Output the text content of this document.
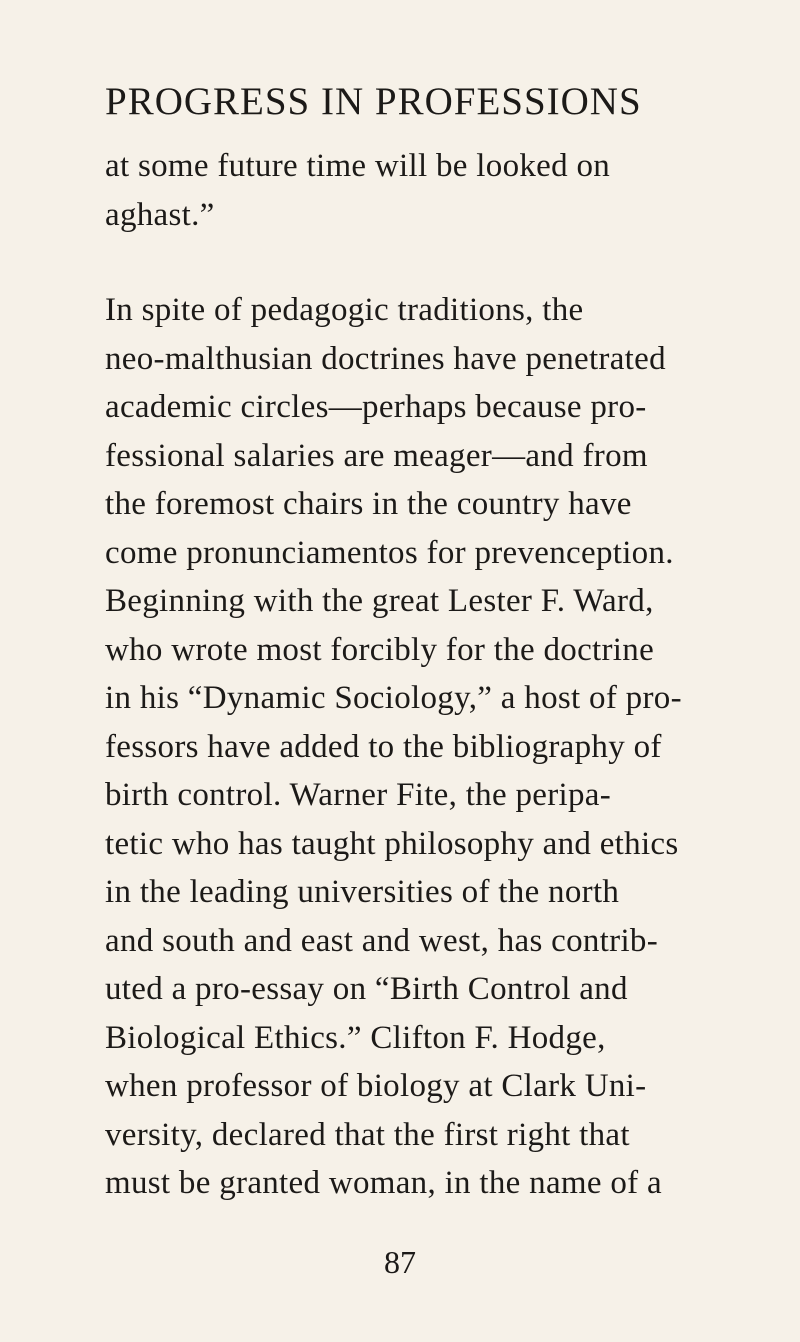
PROGRESS IN PROFESSIONS
at some future time will be looked on
aghast.”
In spite of pedagogic traditions, the
neo-malthusian doctrines have penetrated
academic circles—perhaps because pro-
fessional salaries are meager—and from
the foremost chairs in the country have
come pronunciamentos for prevenception.
Beginning with the great Lester F. Ward,
who wrote most forcibly for the doctrine
in his “Dynamic Sociology,” a host of pro-
fessors have added to the bibliography of
birth control. Warner Fite, the peripa-
tetic who has taught philosophy and ethics
in the leading universities of the north
and south and east and west, has contrib-
uted a pro-essay on “Birth Control and
Biological Ethics.” Clifton F. Hodge,
when professor of biology at Clark Uni-
versity, declared that the first right that
must be granted woman, in the name of a
87
